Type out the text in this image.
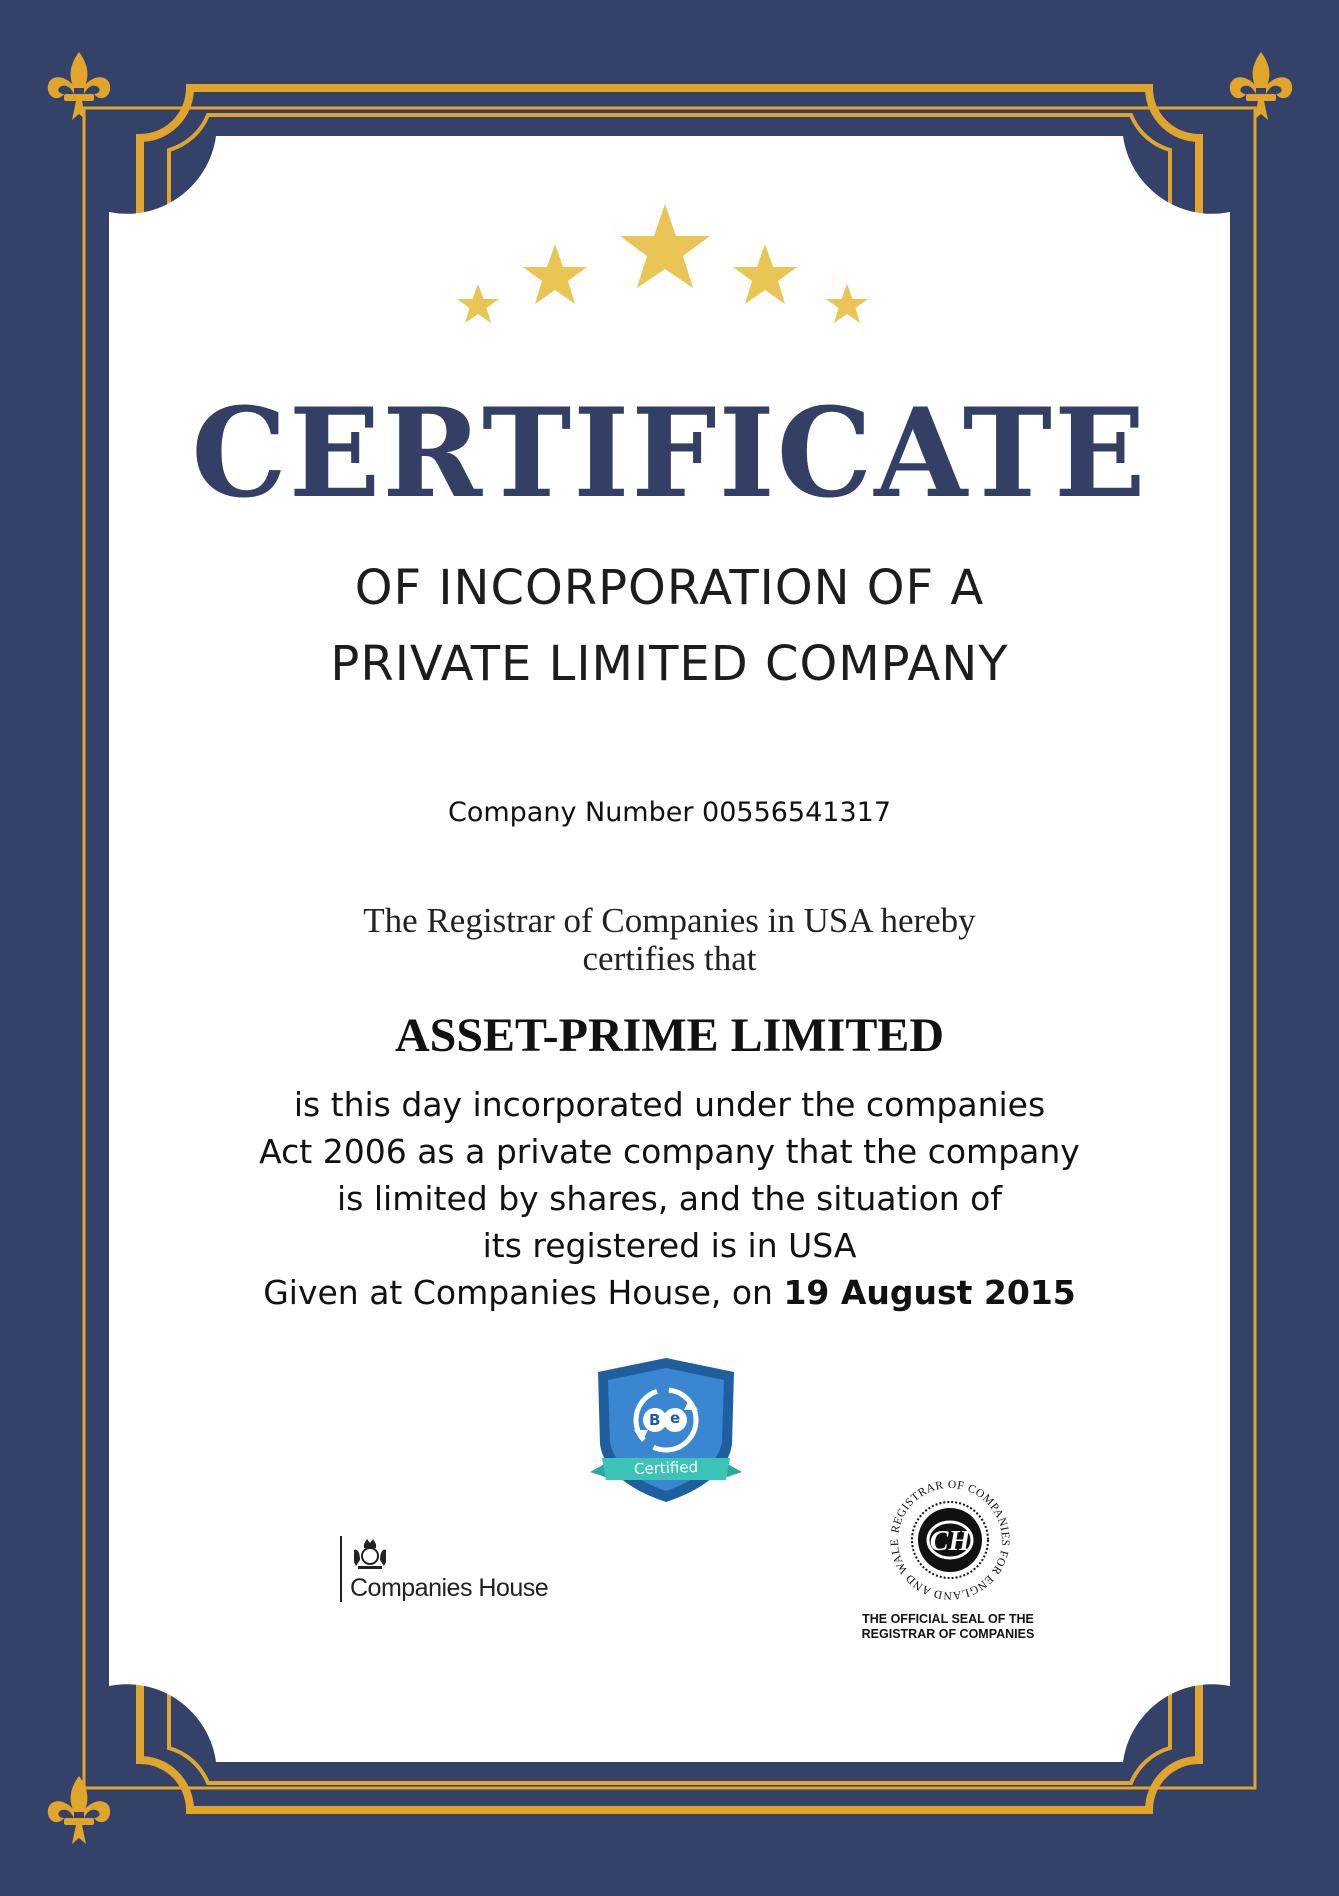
CERTIFICATE
OF INCORPORATION OF A
PRIVATE LIMITED COMPANY
Company Number 00556541317
The Registrar of Companies in USA hereby
certifies that
ASSET-PRIME LIMITED
is this day incorporated under the companies
Act 2006 as a private company that the company
is limited by shares, and the situation of
its registered is in USA
Given at Companies House, on 19 August 2015
B e
Certified
Companies House
REGISTRAR OF COMPANIES FOR ENGLAND AND WALE	CH
THE OFFICIAL SEAL OF THE
REGISTRAR OF COMPANIES
